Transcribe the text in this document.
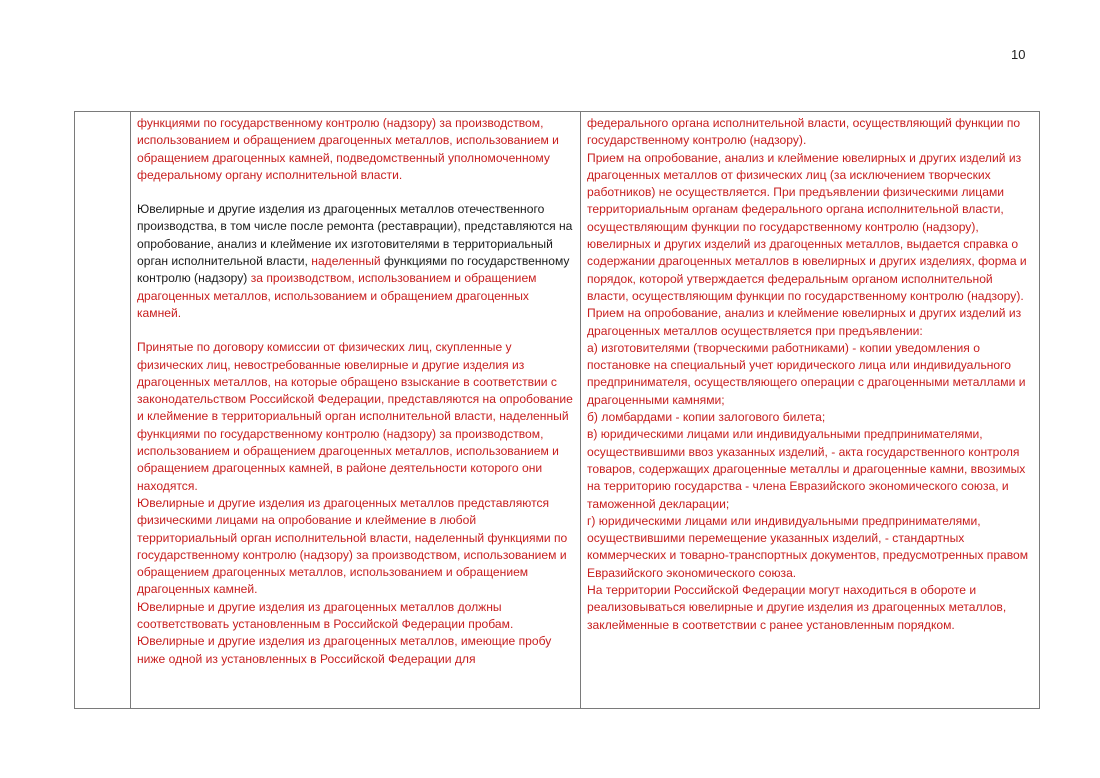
10

функциями по государственному контролю (надзору) за производством, использованием и обращением драгоценных металлов, использованием и обращением драгоценных камней, подведомственный уполномоченному федеральному органу исполнительной власти.
Ювелирные и другие изделия из драгоценных металлов отечественного производства, в том числе после ремонта (реставрации), представляются на опробование, анализ и клеймение их изготовителями в территориальный орган исполнительной власти, наделенный функциями по государственному контролю (надзору) за производством, использованием и обращением драгоценных металлов, использованием и обращением драгоценных камней.
Принятые по договору комиссии от физических лиц, скупленные у физических лиц, невостребованные ювелирные и другие изделия из драгоценных металлов, на которые обращено взыскание в соответствии с законодательством Российской Федерации, представляются на опробование и клеймение в территориальный орган исполнительной власти, наделенный функциями по государственному контролю (надзору) за производством, использованием и обращением драгоценных металлов, использованием и обращением драгоценных камней, в районе деятельности которого они находятся.
Ювелирные и другие изделия из драгоценных металлов представляются физическими лицами на опробование и клеймение в любой территориальный орган исполнительной власти, наделенный функциями по государственному контролю (надзору) за производством, использованием и обращением драгоценных металлов, использованием и обращением драгоценных камней.
Ювелирные и другие изделия из драгоценных металлов должны соответствовать установленным в Российской Федерации пробам.
Ювелирные и другие изделия из драгоценных металлов, имеющие пробу ниже одной из установленных в Российской Федерации для

федерального органа исполнительной власти, осуществляющий функции по государственному контролю (надзору).
Прием на опробование, анализ и клеймение ювелирных и других изделий из драгоценных металлов от физических лиц (за исключением творческих работников) не осуществляется. При предъявлении физическими лицами территориальным органам федерального органа исполнительной власти, осуществляющим функции по государственному контролю (надзору), ювелирных и других изделий из драгоценных металлов, выдается справка о содержании драгоценных металлов в ювелирных и других изделиях, форма и порядок, которой утверждается федеральным органом исполнительной власти, осуществляющим функции по государственному контролю (надзору).
Прием на опробование, анализ и клеймение ювелирных и других изделий из драгоценных металлов осуществляется при предъявлении:
а) изготовителями (творческими работниками) - копии уведомления о постановке на специальный учет юридического лица или индивидуального предпринимателя, осуществляющего операции с драгоценными металлами и драгоценными камнями;
б) ломбардами - копии залогового билета;
в) юридическими лицами или индивидуальными предпринимателями, осуществившими ввоз указанных изделий, - акта государственного контроля товаров, содержащих драгоценные металлы и драгоценные камни, ввозимых на территорию государства - члена Евразийского экономического союза, и таможенной декларации;
г) юридическими лицами или индивидуальными предпринимателями, осуществившими перемещение указанных изделий, - стандартных коммерческих и товарно-транспортных документов, предусмотренных правом Евразийского экономического союза.
На территории Российской Федерации могут находиться в обороте и реализовываться ювелирные и другие изделия из драгоценных металлов, заклейменные в соответствии с ранее установленным порядком.
